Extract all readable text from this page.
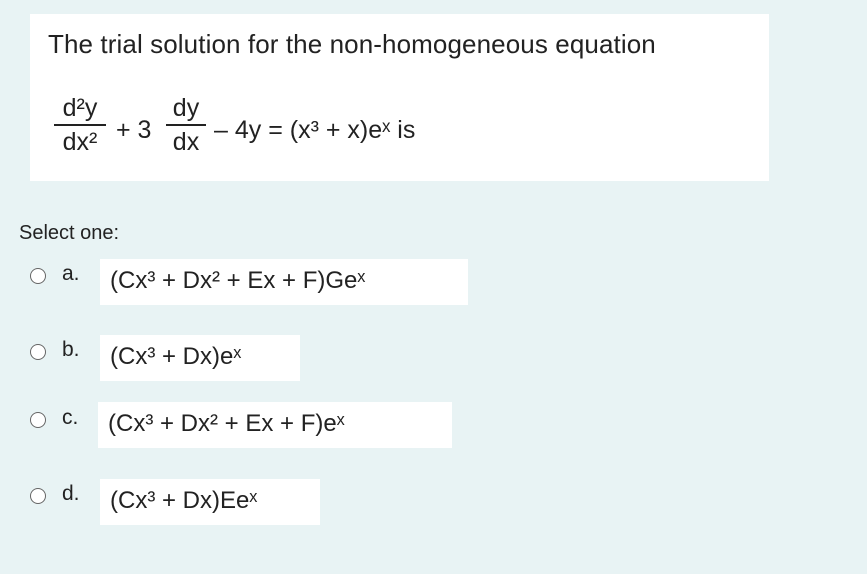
The trial solution for the non-homogeneous equation
d²y
dx² + 3
dy
dx – 4y = (x³ + x)eˣ is
Select one:
a. (Cx³ + Dx² + Ex + F)Geˣ
b. (Cx³ + Dx)eˣ
c. (Cx³ + Dx² + Ex + F)eˣ
d. (Cx³ + Dx)Eeˣ
